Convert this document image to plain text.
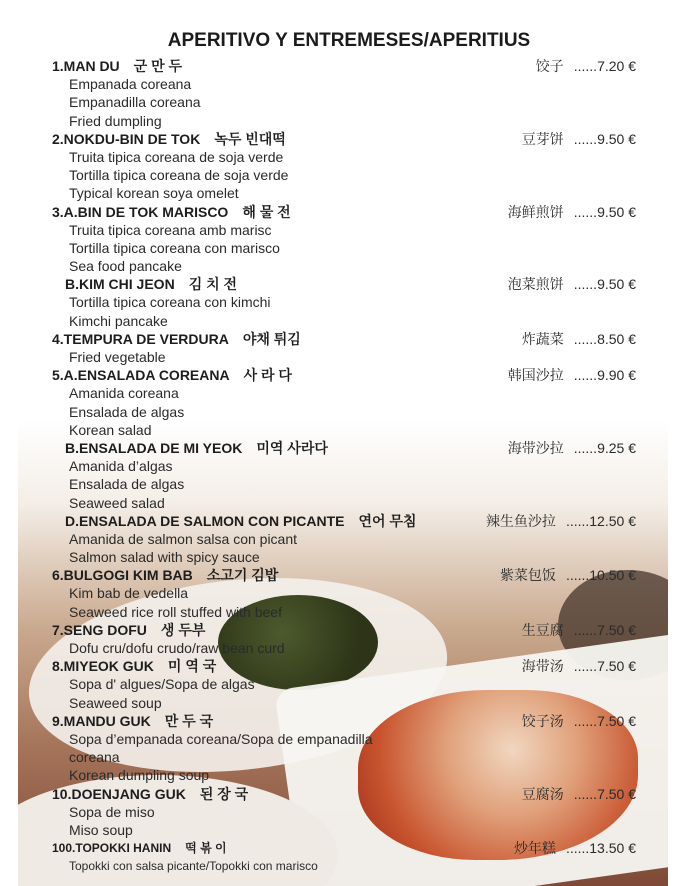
APERITIVO Y ENTREMESES/APERITIUS
1.MAN DU 군 만 두	饺子 ......7.20 €
Empanada coreana
Empanadilla coreana
Fried dumpling
2.NOKDU-BIN DE TOK 녹두 빈대떡	豆芽饼 ......9.50 €
Truita tipica coreana de soja verde
Tortilla tipica coreana de soja verde
Typical korean soya omelet
3.A.BIN DE TOK MARISCO 해 물 전	海鲜煎饼 ......9.50 €
Truita tipica coreana amb marisc
Tortilla tipica coreana con marisco
Sea food pancake
B.KIM CHI JEON 김 치 전	泡菜煎饼 ......9.50 €
Tortilla tipica coreana con kimchi
Kimchi pancake
4.TEMPURA DE VERDURA 야채 튀김	炸蔬菜 ......8.50 €
Fried vegetable
5.A.ENSALADA COREANA 사 라 다	韩国沙拉 ......9.90 €
Amanida coreana
Ensalada de algas
Korean salad
B.ENSALADA DE MI YEOK 미역 사라다	海带沙拉 ......9.25 €
Amanida d’algas
Ensalada de algas
Seaweed salad
D.ENSALADA DE SALMON CON PICANTE 연어 무침	辣生鱼沙拉 ......12.50 €
Amanida de salmon salsa con picant
Salmon salad with spicy sauce
6.BULGOGI KIM BAB 소고기 김밥	紫菜包饭 ......10.50 €
Kim bab de vedella
Seaweed rice roll stuffed with beef
7.SENG DOFU 생 두부	生豆腐 ......7.50 €
Dofu cru/dofu crudo/raw bean curd
8.MIYEOK GUK 미 역 국	海带汤 ......7.50 €
Sopa d' algues/Sopa de algas
Seaweed soup
9.MANDU GUK 만 두 국	饺子汤 ......7.50 €
Sopa d’empanada coreana/Sopa de empanadilla
coreana
Korean dumpling soup
10.DOENJANG GUK 된 장 국	豆腐汤 ......7.50 €
Sopa de miso
Miso soup
100.TOPOKKI HANIN 떡 볶 이	炒年糕 ......13.50 €
Topokki con salsa picante/Topokki con marisco
